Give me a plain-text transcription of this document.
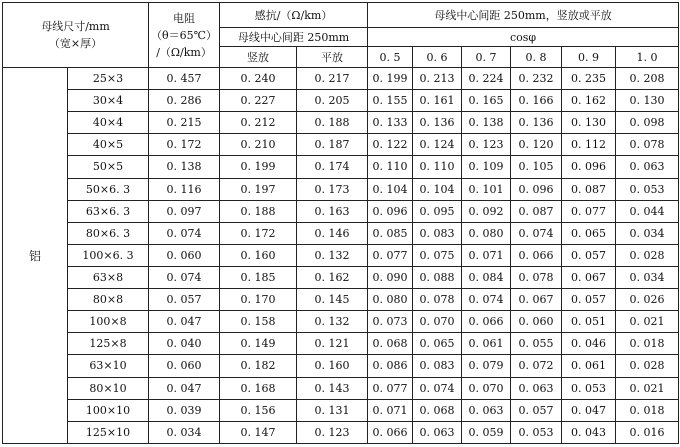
母线尺寸/mm
（宽×厚）		电阻
（θ＝65℃）
/（Ω/km）	感抗/（Ω/km）		母线中心间距 250mm，竖放或平放					
			母线中心间距 250mm		cosφ					
			竖放	平放	0. 5	0. 6	0. 7	0. 8	0. 9	1. 0
铝	25×3	0. 457	0. 240	0. 217	0. 199	0. 213	0. 224	0. 232	0. 235	0. 208
	30×4	0. 286	0. 227	0. 205	0. 155	0. 161	0. 165	0. 166	0. 162	0. 130
	40×4	0. 215	0. 212	0. 188	0. 133	0. 136	0. 138	0. 136	0. 130	0. 098
	40×5	0. 172	0. 210	0. 187	0. 122	0. 124	0. 123	0. 120	0. 112	0. 078
	50×5	0. 138	0. 199	0. 174	0. 110	0. 110	0. 109	0. 105	0. 096	0. 063
	50×6. 3	0. 116	0. 197	0. 173	0. 104	0. 104	0. 101	0. 096	0. 087	0. 053
	63×6. 3	0. 097	0. 188	0. 163	0. 096	0. 095	0. 092	0. 087	0. 077	0. 044
	80×6. 3	0. 074	0. 172	0. 146	0. 085	0. 083	0. 080	0. 074	0. 065	0. 034
	100×6. 3	0. 060	0. 160	0. 132	0. 077	0. 075	0. 071	0. 066	0. 057	0. 028
	63×8	0. 074	0. 185	0. 162	0. 090	0. 088	0. 084	0. 078	0. 067	0. 034
	80×8	0. 057	0. 170	0. 145	0. 080	0. 078	0. 074	0. 067	0. 057	0. 026
	100×8	0. 047	0. 158	0. 132	0. 073	0. 070	0. 066	0. 060	0. 051	0. 021
	125×8	0. 040	0. 149	0. 121	0. 068	0. 065	0. 061	0. 055	0. 046	0. 018
	63×10	0. 060	0. 182	0. 160	0. 086	0. 083	0. 079	0. 072	0. 061	0. 028
	80×10	0. 047	0. 168	0. 143	0. 077	0. 074	0. 070	0. 063	0. 053	0. 021
	100×10	0. 039	0. 156	0. 131	0. 071	0. 068	0. 063	0. 057	0. 047	0. 018
	125×10	0. 034	0. 147	0. 123	0. 066	0. 063	0. 059	0. 053	0. 043	0. 016
